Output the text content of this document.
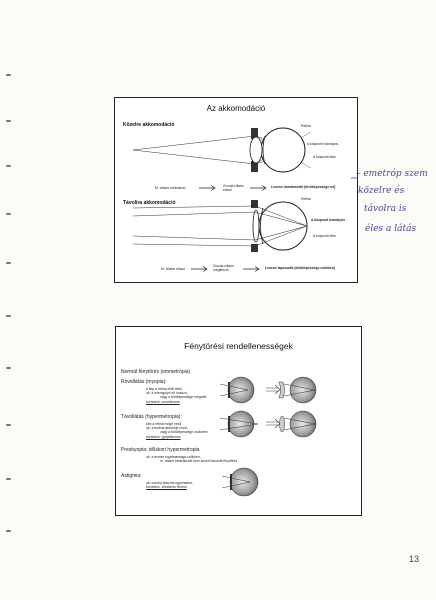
Az akkomodáció
Közelre akkomodáció
Távolira akkomodáció
Retina
A központi homályos
A központi éles
M. ciliaris kontrakció	Zonula ciliaris elazul
Lencse domborodik (törőképessége nő)
Retina
A központi homályos
A központi éles
M. ciliaris elazul
Zonula ciliaris megfeszül	Lencse laposodik (törőképessége csökken)
– emetróp szem
közelre és
távolra is
éles a látás
Fénytörési rendellenességek
Normál fénytörés (emmetrópia)
Rövidlátás (myopia):
a kép a retina előtt vetül
ok: a szemgolyó túl hosszú,
vagy a törőképessége megnőtt
korrekció: szórólencse
Távollátás (hypermetropia):
kép a retina mögé vetül
ok: a bulbus átmérője rövid,
vagy a törőképessége csökkent
korrekció: gyűjtőlencse
Presbyopia: időskori hypermetropia
ok: a lencse rugalmassága csökken,
m. ciliaris kontrakcióit nem követi fokozott fénytörés
Astigmia:
ok: cornea felszíne egyenetlen,
korrekció: cilinderes lencse
13
